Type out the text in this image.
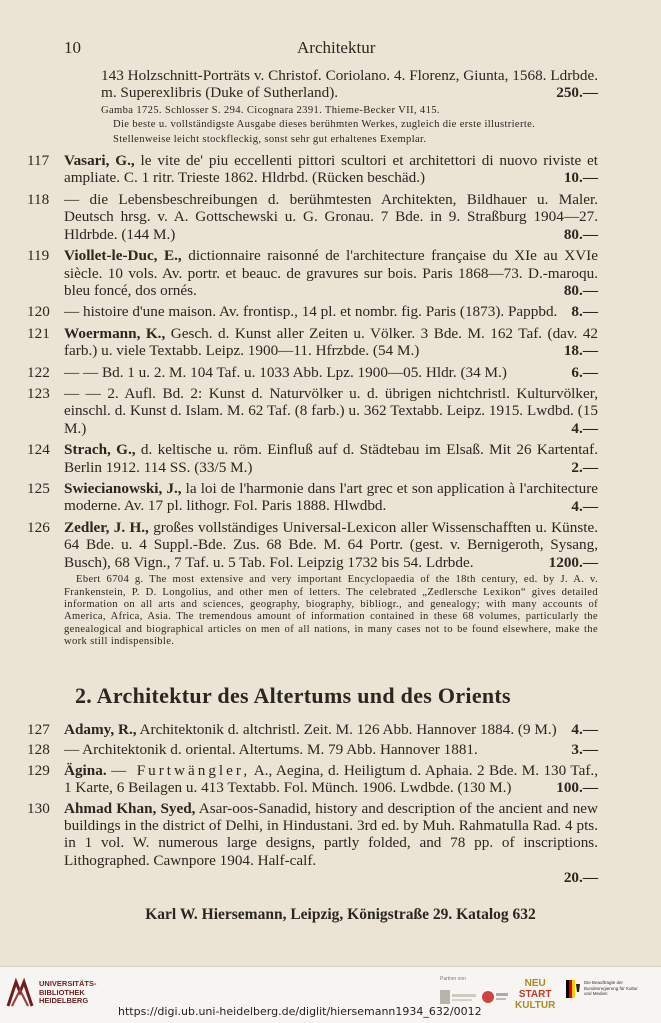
10	Architektur

143 Holzschnitt-Porträts v. Christof. Coriolano. 4. Florenz, Giunta, 1568. Ldrbde. m. Superexlibris (Duke of Sutherland).	250.—
Gamba 1725. Schlosser S. 294. Cicognara 2391. Thieme-Becker VII, 415.
Die beste u. vollständigste Ausgabe dieses berühmten Werkes, zugleich die erste illustrierte.
Stellenweise leicht stockfleckig, sonst sehr gut erhaltenes Exemplar.
117 Vasari, G., le vite de' piu eccellenti pittori scultori et architettori di nuovo riviste et ampliate. C. 1 ritr. Trieste 1862. Hldrbd. (Rücken beschäd.)	10.—
118 — die Lebensbeschreibungen d. berühmtesten Architekten, Bildhauer u. Maler. Deutsch hrsg. v. A. Gottschewski u. G. Gronau. 7 Bde. in 9. Straßburg 1904—27. Hldrbde. (144 M.)	80.—
119 Viollet-le-Duc, E., dictionnaire raisonné de l'architecture française du XIe au XVIe siècle. 10 vols. Av. portr. et beauc. de gravures sur bois. Paris 1868—73. D.-maroqu. bleu foncé, dos ornés.	80.—
120 — histoire d'une maison. Av. frontisp., 14 pl. et nombr. fig. Paris (1873). Pappbd. 8.—
121 Woermann, K., Gesch. d. Kunst aller Zeiten u. Völker. 3 Bde. M. 162 Taf. (dav. 42 farb.) u. viele Textabb. Leipz. 1900—11. Hfrzbde. (54 M.)	18.—
122 — — Bd. 1 u. 2. M. 104 Taf. u. 1033 Abb. Lpz. 1900—05. Hldr. (34 M.)	6.—
123 — — 2. Aufl. Bd. 2: Kunst d. Naturvölker u. d. übrigen nichtchristl. Kulturvölker, einschl. d. Kunst d. Islam. M. 62 Taf. (8 farb.) u. 362 Textabb. Leipz. 1915. Lwdbd. (15 M.)	4.—
124 Strach, G., d. keltische u. röm. Einfluß auf d. Städtebau im Elsaß. Mit 26 Kartentaf. Berlin 1912. 114 SS. (33/5 M.)	2.—
125 Swiecianowski, J., la loi de l'harmonie dans l'art grec et son application à l'architecture moderne. Av. 17 pl. lithogr. Fol. Paris 1888. Hlwdbd.	4.—
126 Zedler, J. H., großes vollständiges Universal-Lexicon aller Wissenschafften u. Künste. 64 Bde. u. 4 Suppl.-Bde. Zus. 68 Bde. M. 64 Portr. (gest. v. Bernigeroth, Sysang, Busch), 68 Vign., 7 Taf. u. 5 Tab. Fol. Leipzig 1732 bis 54. Ldrbde.	1200.—
Ebert 6704 g. The most extensive and very important Encyclopaedia of the 18th century, ed. by J. A. v. Frankenstein, P. D. Longolius, and other men of letters. The celebrated „Zedlersche Lexikon“ gives detailed information on all arts and sciences, geography, biography, bibliogr., and genealogy; with many accounts of America, Africa, Asia. The tremendous amount of information contained in these 68 volumes, particularly the genealogical and biographical articles on men of all nations, in many cases not to be found elsewhere, make the work still indispensible.
2. Architektur des Altertums und des Orients
127 Adamy, R., Architektonik d. altchristl. Zeit. M. 126 Abb. Hannover 1884. (9 M.) 4.—
128 — Architektonik d. oriental. Altertums. M. 79 Abb. Hannover 1881.	3.—
129 Ägina. — Furtwängler, A., Aegina, d. Heiligtum d. Aphaia. 2 Bde. M. 130 Taf., 1 Karte, 6 Beilagen u. 413 Textabb. Fol. Münch. 1906. Lwdbde. (130 M.)	100.—
130 Ahmad Khan, Syed, Asar-oos-Sanadid, history and description of the ancient and new buildings in the district of Delhi, in Hindustani. 3rd ed. by Muh. Rahmatulla Rad. 4 pts. in 1 vol. W. numerous large designs, partly folded, and 78 pp. of inscriptions. Lithographed. Cawnpore 1904. Half-calf.

20.—
Karl W. Hiersemann, Leipzig, Königstraße 29. Katalog 632
UNIVERSITÄTS-
BIBLIOTHEK
HEIDELBERG
https://digi.ub.uni-heidelberg.de/diglit/hiersemann1934_632/0012
Partner von	NEU
START
KULTUR
Die Beauftragte der Bundesregierung für Kultur und Medien
